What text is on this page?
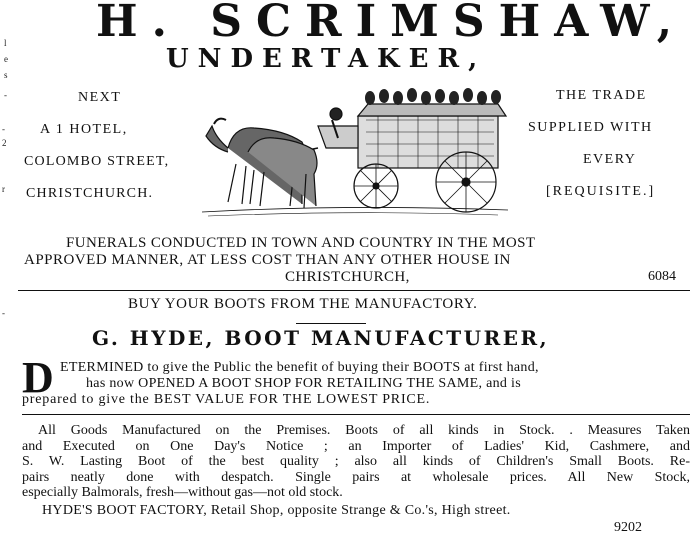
l
e
s
-
-
2
r
-
H. SCRIMSHAW,
UNDERTAKER,
NEXT
A 1 HOTEL,
COLOMBO STREET,
CHRISTCHURCH.
THE TRADE
SUPPLIED WITH
EVERY
[REQUISITE.]
FUNERALS CONDUCTED IN TOWN AND COUNTRY IN THE MOST
APPROVED MANNER, AT LESS COST THAN ANY OTHER HOUSE IN
CHRISTCHURCH,	6084
BUY YOUR BOOTS FROM THE MANUFACTORY.
G. HYDE, BOOT MANUFACTURER,
D ETERMINED to give the Public the benefit of buying their BOOTS at first hand,
has now OPENED A BOOT SHOP FOR RETAILING THE SAME, and is
prepared to give the BEST VALUE FOR THE LOWEST PRICE.
All Goods Manufactured on the Premises. Boots of all kinds in Stock. . Measures Taken
and Executed on One Day's Notice ; an Importer of Ladies' Kid, Cashmere, and
S. W. Lasting Boot of the best quality ; also all kinds of Children's Small Boots. Re-
pairs neatly done with despatch. Single pairs at wholesale prices. All New Stock,
especially Balmorals, fresh—without gas—not old stock.
HYDE'S BOOT FACTORY, Retail Shop, opposite Strange & Co.'s, High street.
9202
